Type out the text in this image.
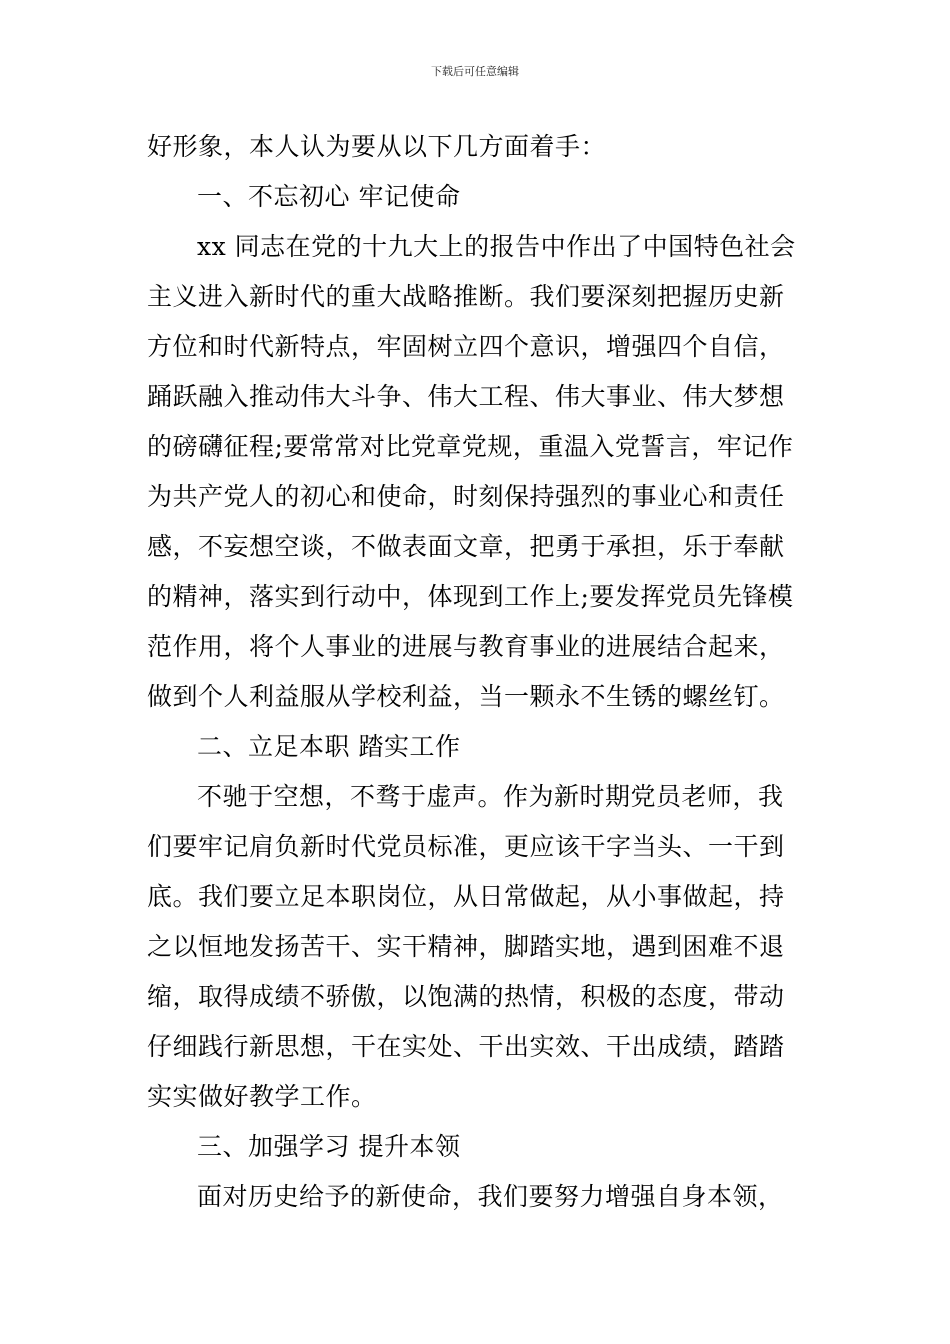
下载后可任意编辑
好形象，本人认为要从以下几方面着手：
一、不忘初心 牢记使命
xx 同志在党的十九大上的报告中作出了中国特色社会
主义进入新时代的重大战略推断。我们要深刻把握历史新
方位和时代新特点，牢固树立四个意识，增强四个自信，
踊跃融入推动伟大斗争、伟大工程、伟大事业、伟大梦想
的磅礴征程;要常常对比党章党规，重温入党誓言，牢记作
为共产党人的初心和使命，时刻保持强烈的事业心和责任
感，不妄想空谈，不做表面文章，把勇于承担，乐于奉献
的精神，落实到行动中，体现到工作上;要发挥党员先锋模
范作用，将个人事业的进展与教育事业的进展结合起来，
做到个人利益服从学校利益，当一颗永不生锈的螺丝钉。
二、立足本职 踏实工作
不驰于空想，不骛于虚声。作为新时期党员老师，我
们要牢记肩负新时代党员标准，更应该干字当头、一干到
底。我们要立足本职岗位，从日常做起，从小事做起，持
之以恒地发扬苦干、实干精神，脚踏实地，遇到困难不退
缩，取得成绩不骄傲，以饱满的热情，积极的态度，带动
仔细践行新思想，干在实处、干出实效、干出成绩，踏踏
实实做好教学工作。
三、加强学习 提升本领
面对历史给予的新使命，我们要努力增强自身本领，
